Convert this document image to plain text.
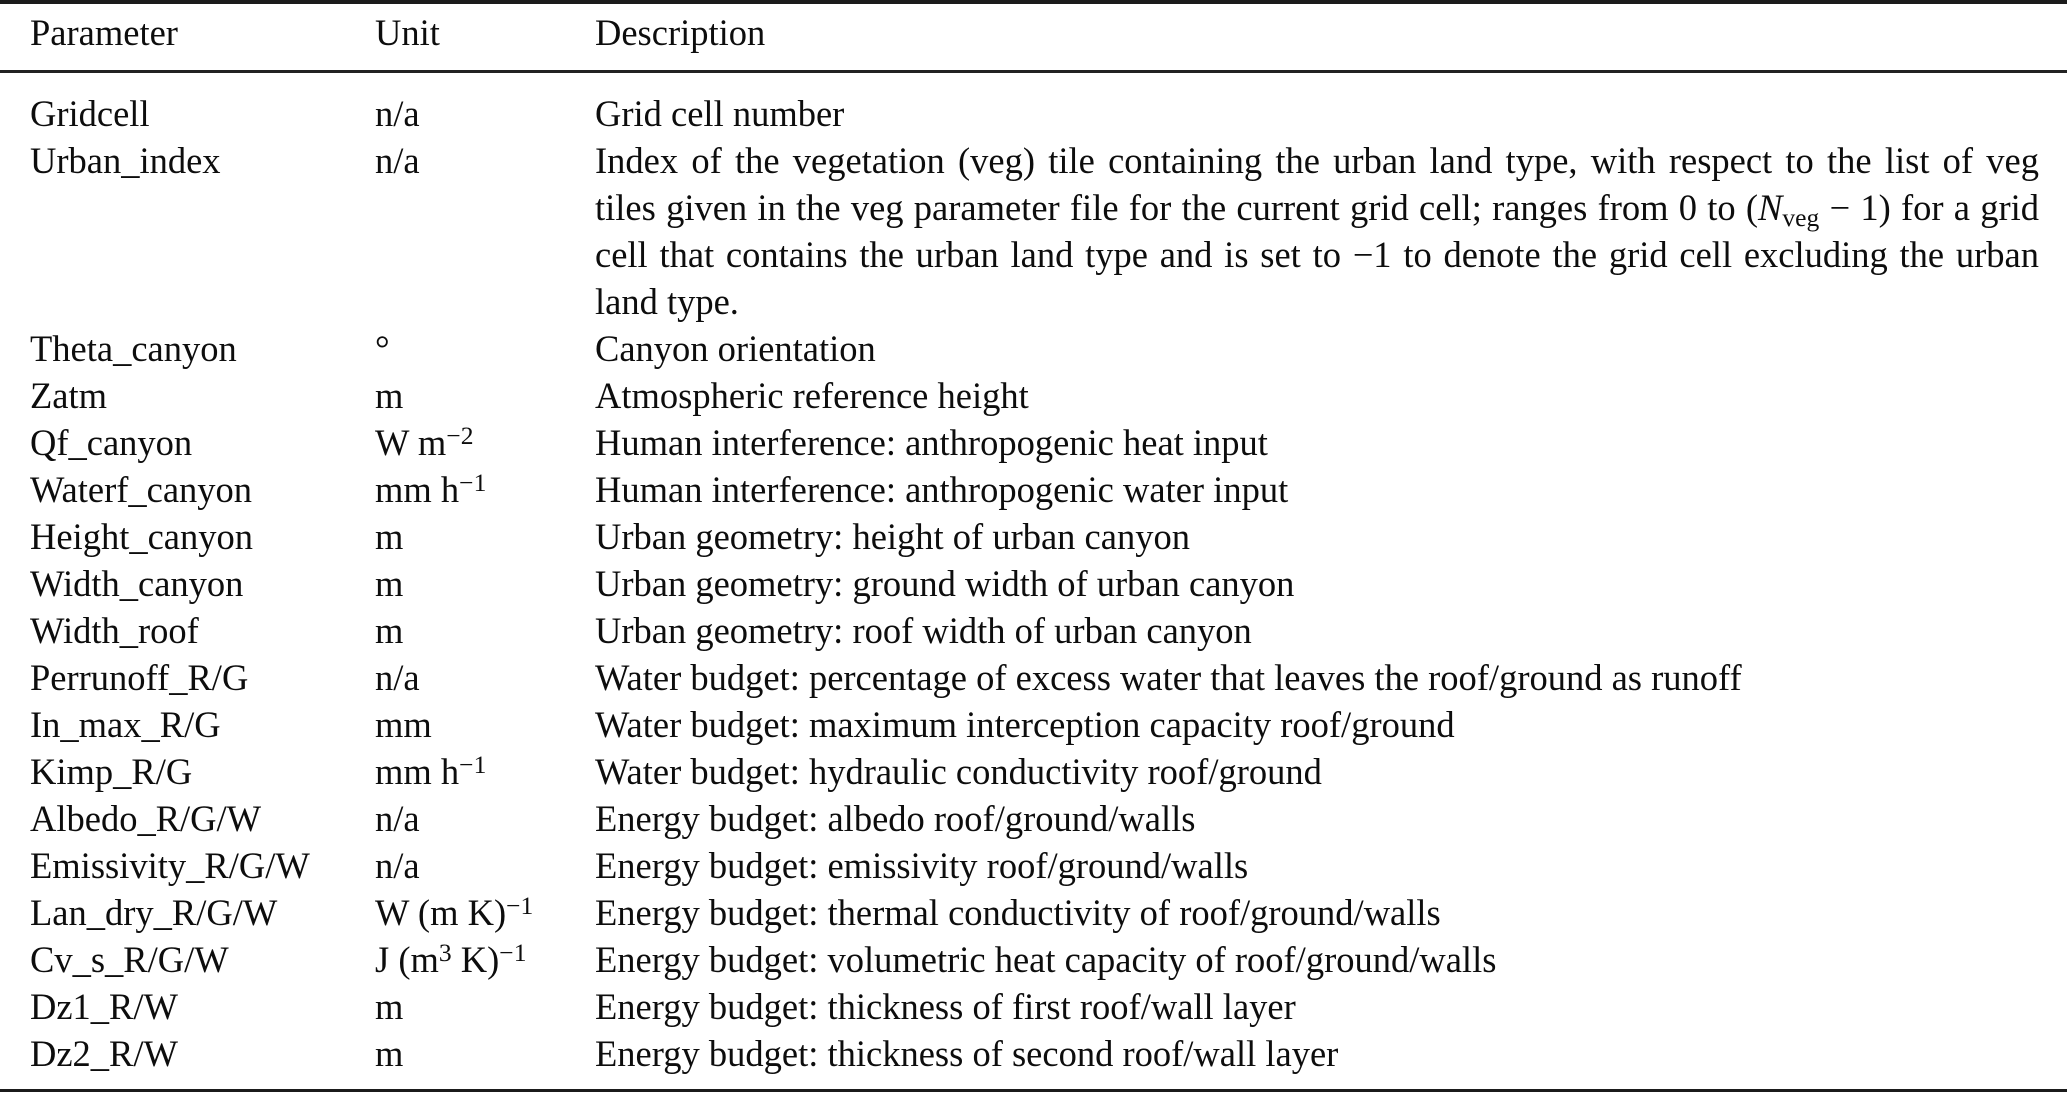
Parameter	Unit	Description
Gridcell	n/a	Grid cell number
Urban_index	n/a	Index of the vegetation (veg) tile containing the urban land type, with respect to the list of veg tiles given in the veg parameter file for the current grid cell; ranges from 0 to $(N_{veg} - 1)$ for a grid cell that contains the urban land type and is set to −1 to denote the grid cell excluding the urban land type.
Theta_canyon	°	Canyon orientation
Zatm	m	Atmospheric reference height
Qf_canyon	W $m^{-2}$	Human interference: anthropogenic heat input
Waterf_canyon	mm $h^{-1}$	Human interference: anthropogenic water input
Height_canyon	m	Urban geometry: height of urban canyon
Width_canyon	m	Urban geometry: ground width of urban canyon
Width_roof	m	Urban geometry: roof width of urban canyon
Perrunoff_R/G	n/a	Water budget: percentage of excess water that leaves the roof/ground as runoff
In_max_R/G	mm	Water budget: maximum interception capacity roof/ground
Kimp_R/G	mm $h^{-1}$	Water budget: hydraulic conductivity roof/ground
Albedo_R/G/W	n/a	Energy budget: albedo roof/ground/walls
Emissivity_R/G/W	n/a	Energy budget: emissivity roof/ground/walls
Lan_dry_R/G/W	W (m K)$^{-1}$	Energy budget: thermal conductivity of roof/ground/walls
Cv_s_R/G/W	J ($m^3$ K)$^{-1}$	Energy budget: volumetric heat capacity of roof/ground/walls
Dz1_R/W	m	Energy budget: thickness of first roof/wall layer
Dz2_R/W	m	Energy budget: thickness of second roof/wall layer
